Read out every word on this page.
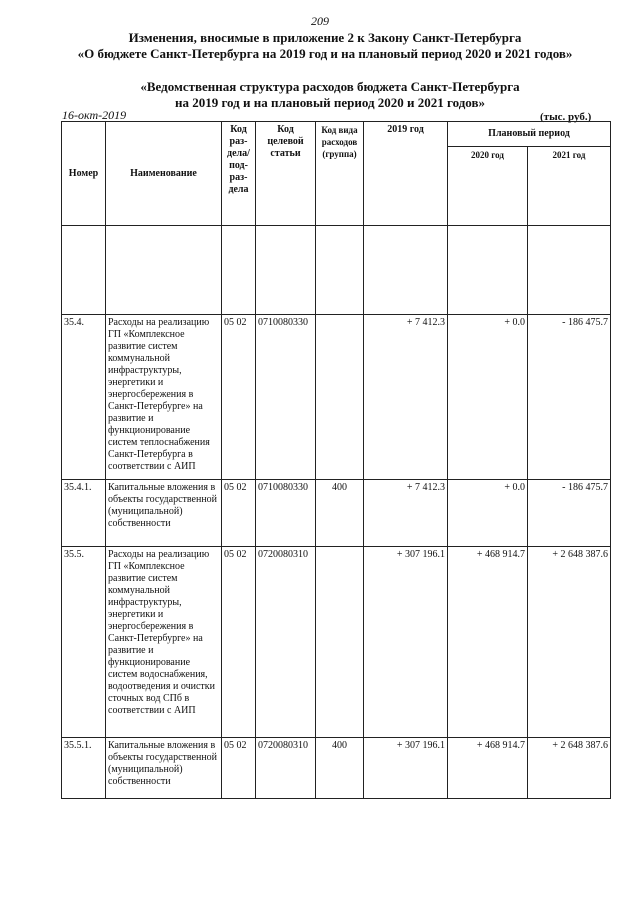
209
Изменения, вносимые в приложение 2 к Закону Санкт-Петербурга
«О бюджете Санкт-Петербурга на 2019 год и на плановый период 2020 и 2021 годов»
«Ведомственная структура расходов бюджета Санкт-Петербурга
на 2019 год и на плановый период 2020 и 2021 годов»
16-окт-2019	(тыс. руб.)
Номер	Наименование	Код раз-дела/ под-раз-дела	Код целевой статьи	Код вида расходов (группа)	2019 год	Плановый период	
						2020 год	2021 год

35.4.	Расходы на реализацию ГП «Комплексное развитие систем коммунальной инфраструктуры, энергетики и энергосбережения в Санкт-Петербурге» на развитие и функционирование систем теплоснабжения Санкт-Петербурга в соответствии с АИП	05 02	0710080330		+ 7 412.3	+ 0.0	- 186 475.7
35.4.1.	Капитальные вложения в объекты государственной (муниципальной) собственности	05 02	0710080330	400	+ 7 412.3	+ 0.0	- 186 475.7
35.5.	Расходы на реализацию ГП «Комплексное развитие систем коммунальной инфраструктуры, энергетики и энергосбережения в Санкт-Петербурге» на развитие и функционирование систем водоснабжения, водоотведения и очистки сточных вод СПб в соответствии с АИП	05 02	0720080310		+ 307 196.1	+ 468 914.7	+ 2 648 387.6
35.5.1.	Капитальные вложения в объекты государственной (муниципальной) собственности	05 02	0720080310	400	+ 307 196.1	+ 468 914.7	+ 2 648 387.6
